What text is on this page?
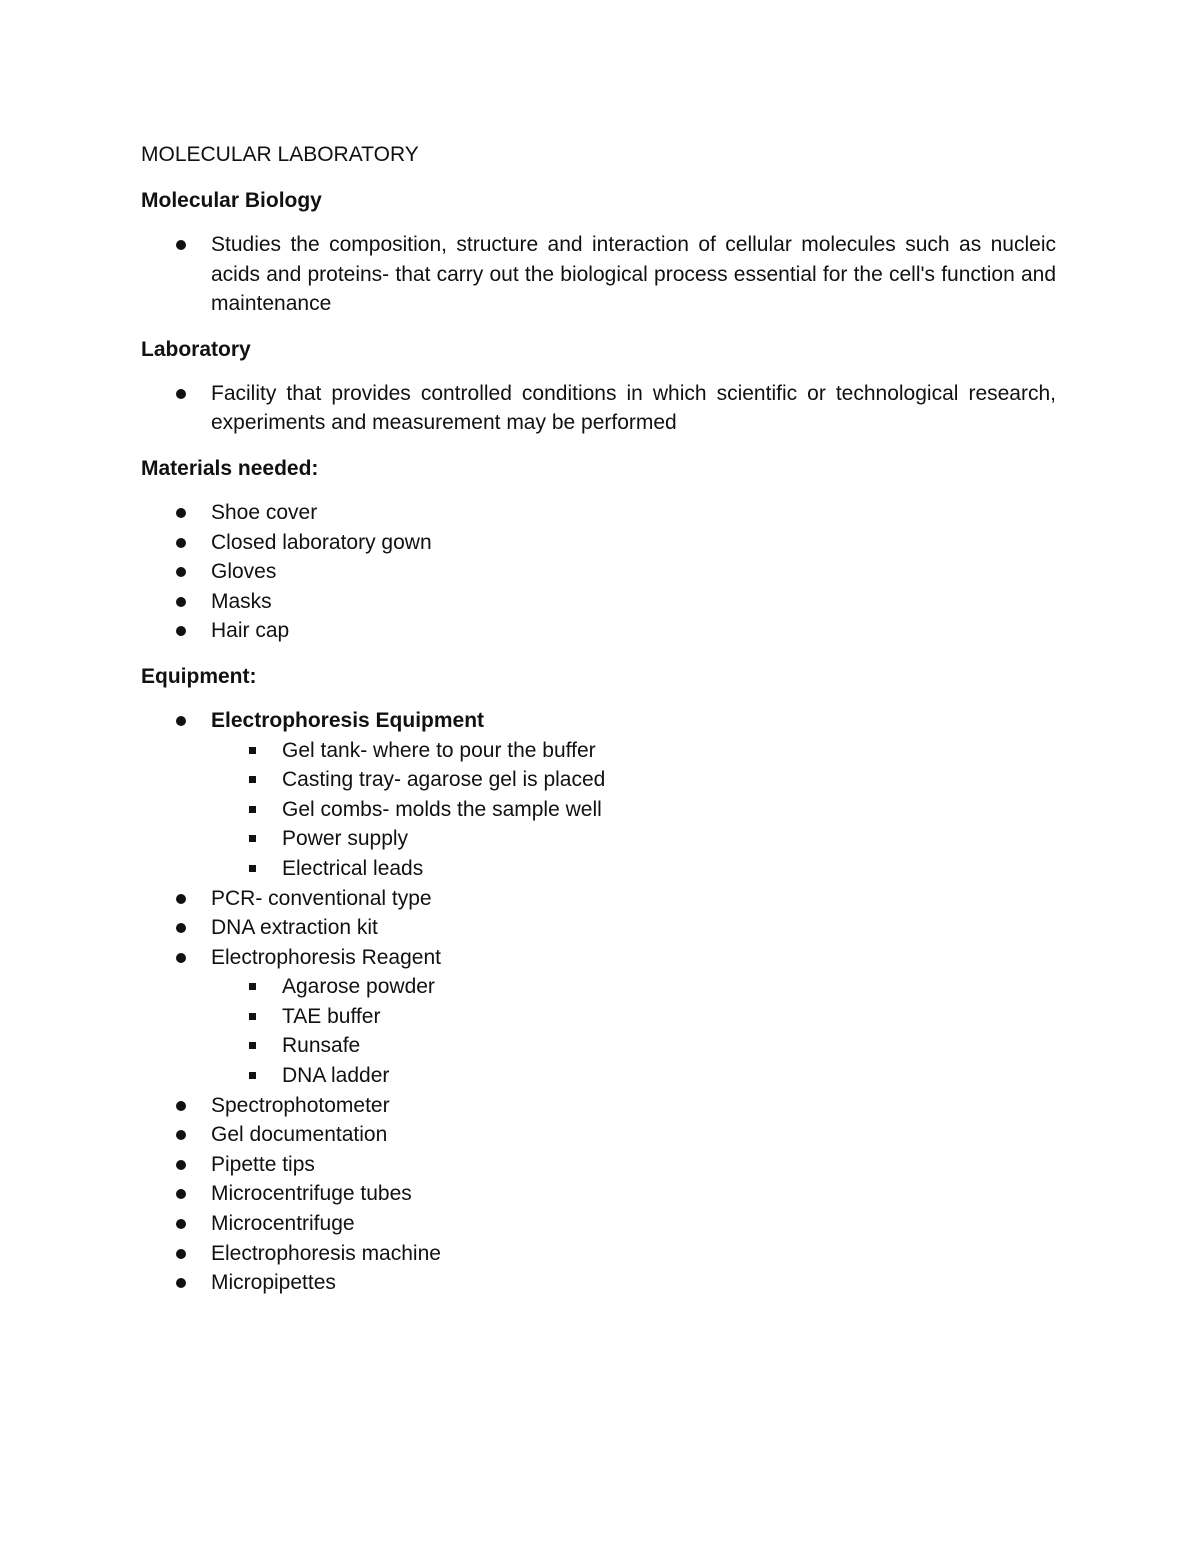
MOLECULAR LABORATORY
Molecular Biology
Studies the composition, structure and interaction of cellular molecules such as nucleic acids and proteins- that carry out the biological process essential for the cell's function and maintenance
Laboratory
Facility that provides controlled conditions in which scientific or technological research, experiments and measurement may be performed
Materials needed:
Shoe cover
Closed laboratory gown
Gloves
Masks
Hair cap
Equipment:
Electrophoresis Equipment
Gel tank- where to pour the buffer
Casting tray- agarose gel is placed
Gel combs- molds the sample well
Power supply
Electrical leads
PCR- conventional type
DNA extraction kit
Electrophoresis Reagent
Agarose powder
TAE buffer
Runsafe
DNA ladder
Spectrophotometer
Gel documentation
Pipette tips
Microcentrifuge tubes
Microcentrifuge
Electrophoresis machine
Micropipettes
